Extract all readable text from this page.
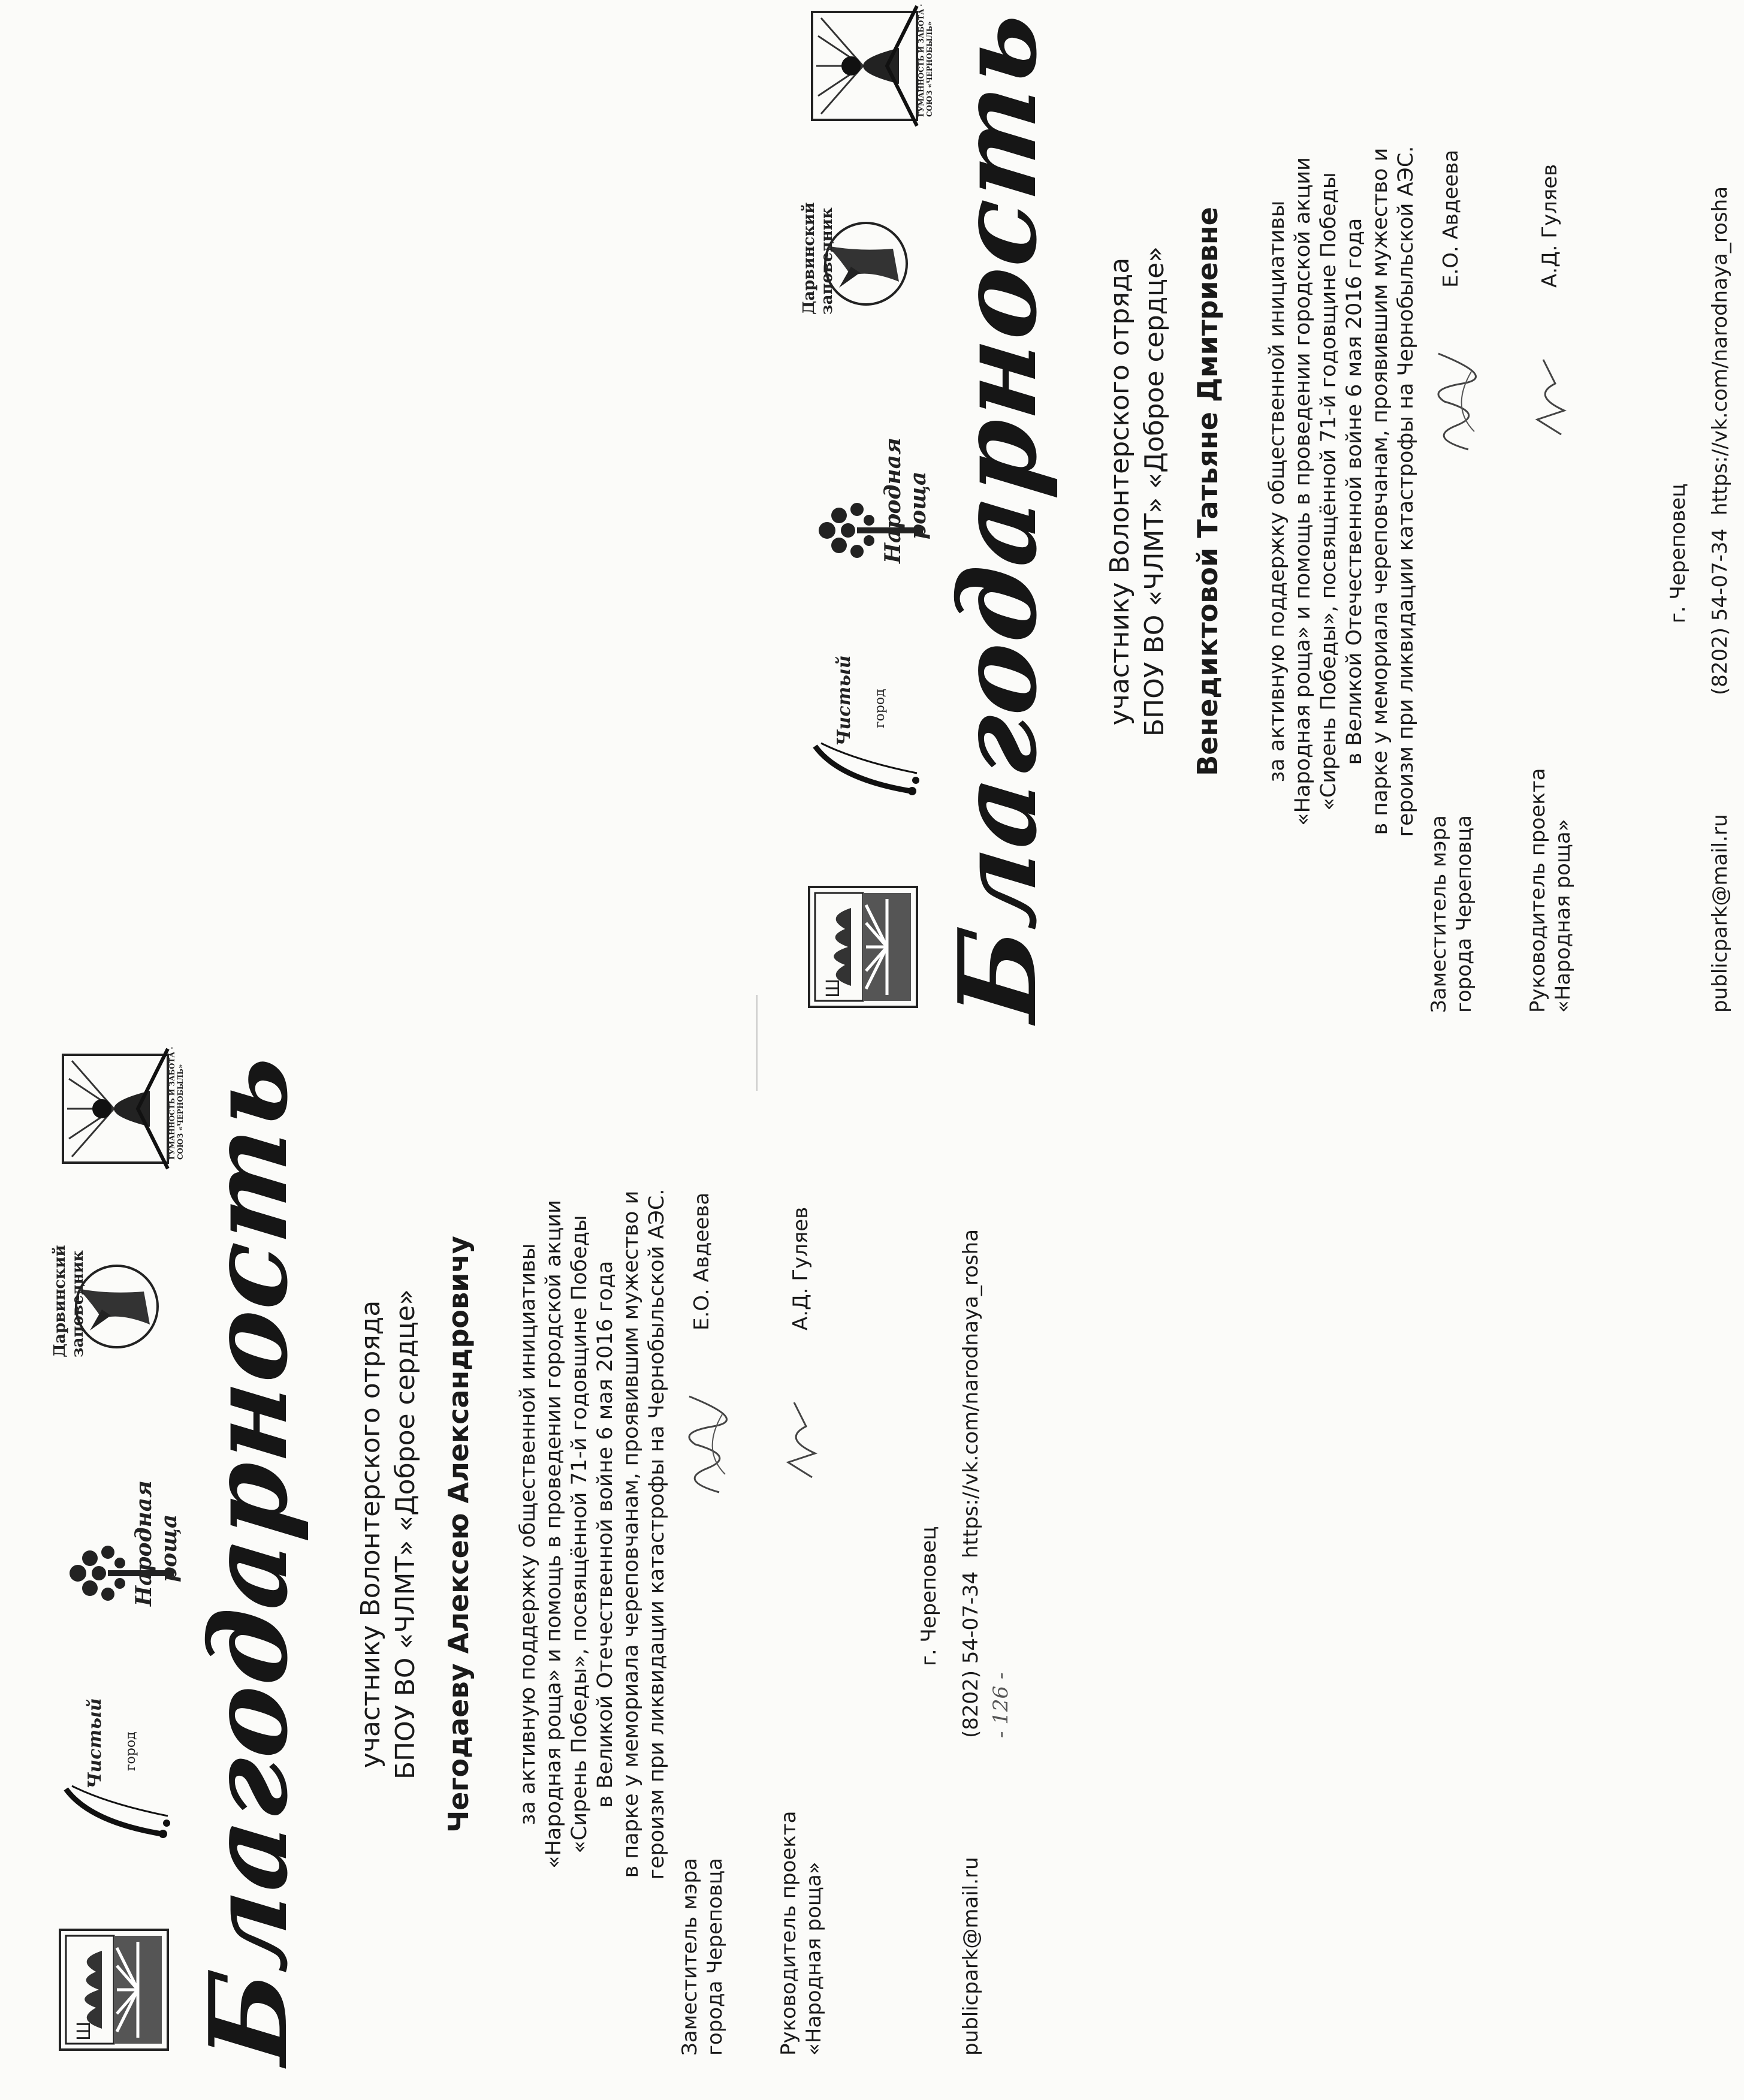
Ш
Чистый город
Народная роща
Дарвинский заповедник
ГУМАННОСТЬ И ЗАБОТА · СОЮЗ «ЧЕРНОБЫЛЬ» Благодарность участнику Волонтерского отряда БПОУ ВО «ЧЛМТ» «Доброе сердце» Чегодаеву Алексею Александровичу за активную поддержку общественной инициативы «Народная роща» и помощь в проведении городской акции «Сирень Победы», посвящённой 71-й годовщине Победы в Великой Отечественной войне 6 мая 2016 года в парке у мемориала череповчанам, проявившим мужество и героизм при ликвидации катастрофы на Чернобыльской АЭС.
Заместитель мэра города Череповца
Е.О. Авдеева
Руководитель проекта «Народная роща»
А.Д. Гуляев
г. Череповец
publicpark@mail.ru
(8202) 54-07-34
https://vk.com/narodnaya_rosha
- 126 -
Ш
Чистый город
Народная роща
Дарвинский заповедник
ГУМАННОСТЬ И ЗАБОТА · СОЮЗ «ЧЕРНОБЫЛЬ» Благодарность участнику Волонтерского отряда БПОУ ВО «ЧЛМТ» «Доброе сердце» Венедиктовой Татьяне Дмитриевне за активную поддержку общественной инициативы «Народная роща» и помощь в проведении городской акции «Сирень Победы», посвящённой 71-й годовщине Победы в Великой Отечественной войне 6 мая 2016 года в парке у мемориала череповчанам, проявившим мужество и героизм при ликвидации катастрофы на Чернобыльской АЭС.
Заместитель мэра города Череповца
Е.О. Авдеева
Руководитель проекта «Народная роща»
А.Д. Гуляев
г. Череповец
publicpark@mail.ru
(8202) 54-07-34
https://vk.com/narodnaya_rosha
